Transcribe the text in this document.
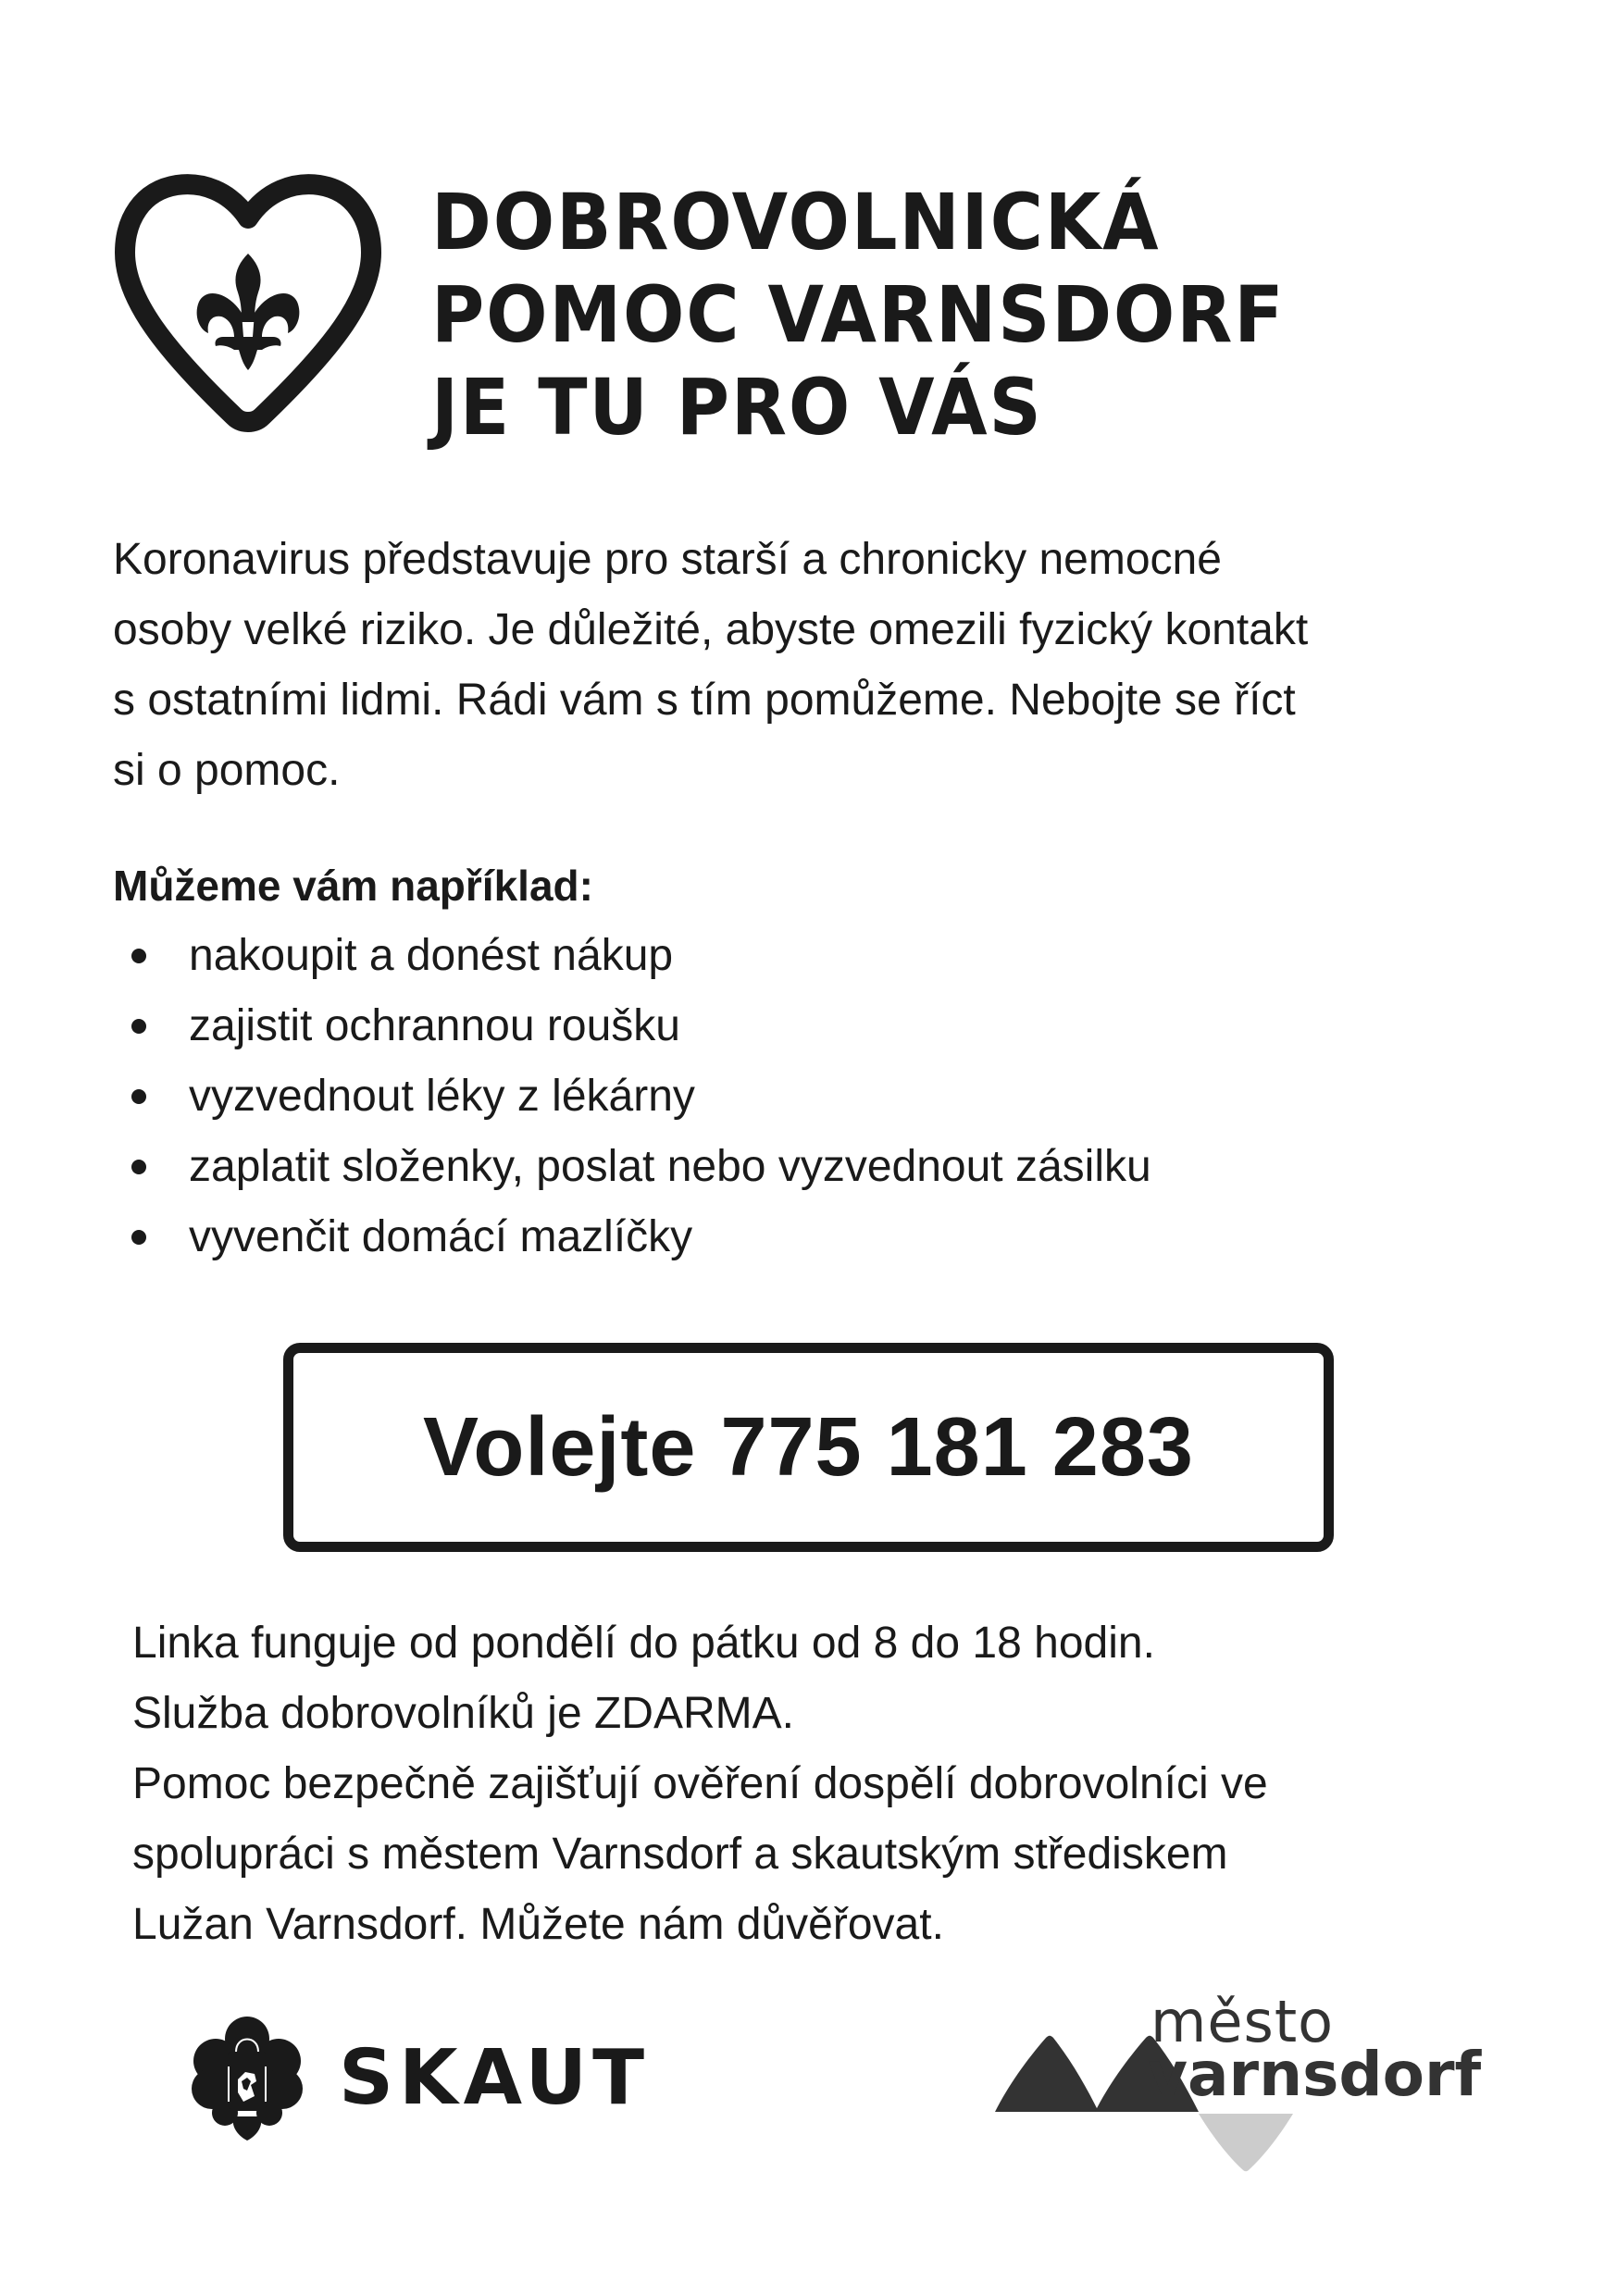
DOBROVOLNICKÁ
POMOC VARNSDORF
JE TU PRO VÁS

Koronavirus představuje pro starší a chronicky nemocné
osoby velké riziko. Je důležité, abyste omezili fyzický kontakt
s ostatními lidmi. Rádi vám s tím pomůžeme. Nebojte se říct
si o pomoc.

Můžeme vám například:
nakoupit a donést nákup
zajistit ochrannou roušku
vyzvednout léky z lékárny
zaplatit složenky, poslat nebo vyzvednout zásilku
vyvenčit domácí mazlíčky
Volejte 775 181 283

Linka funguje od pondělí do pátku od 8 do 18 hodin.
Služba dobrovolníků je ZDARMA.
Pomoc bezpečně zajišťují ověření dospělí dobrovolníci ve
spolupráci s městem Varnsdorf a skautským střediskem
Lužan Varnsdorf. Můžete nám důvěřovat.

SKAUT
město
varnsdorf
